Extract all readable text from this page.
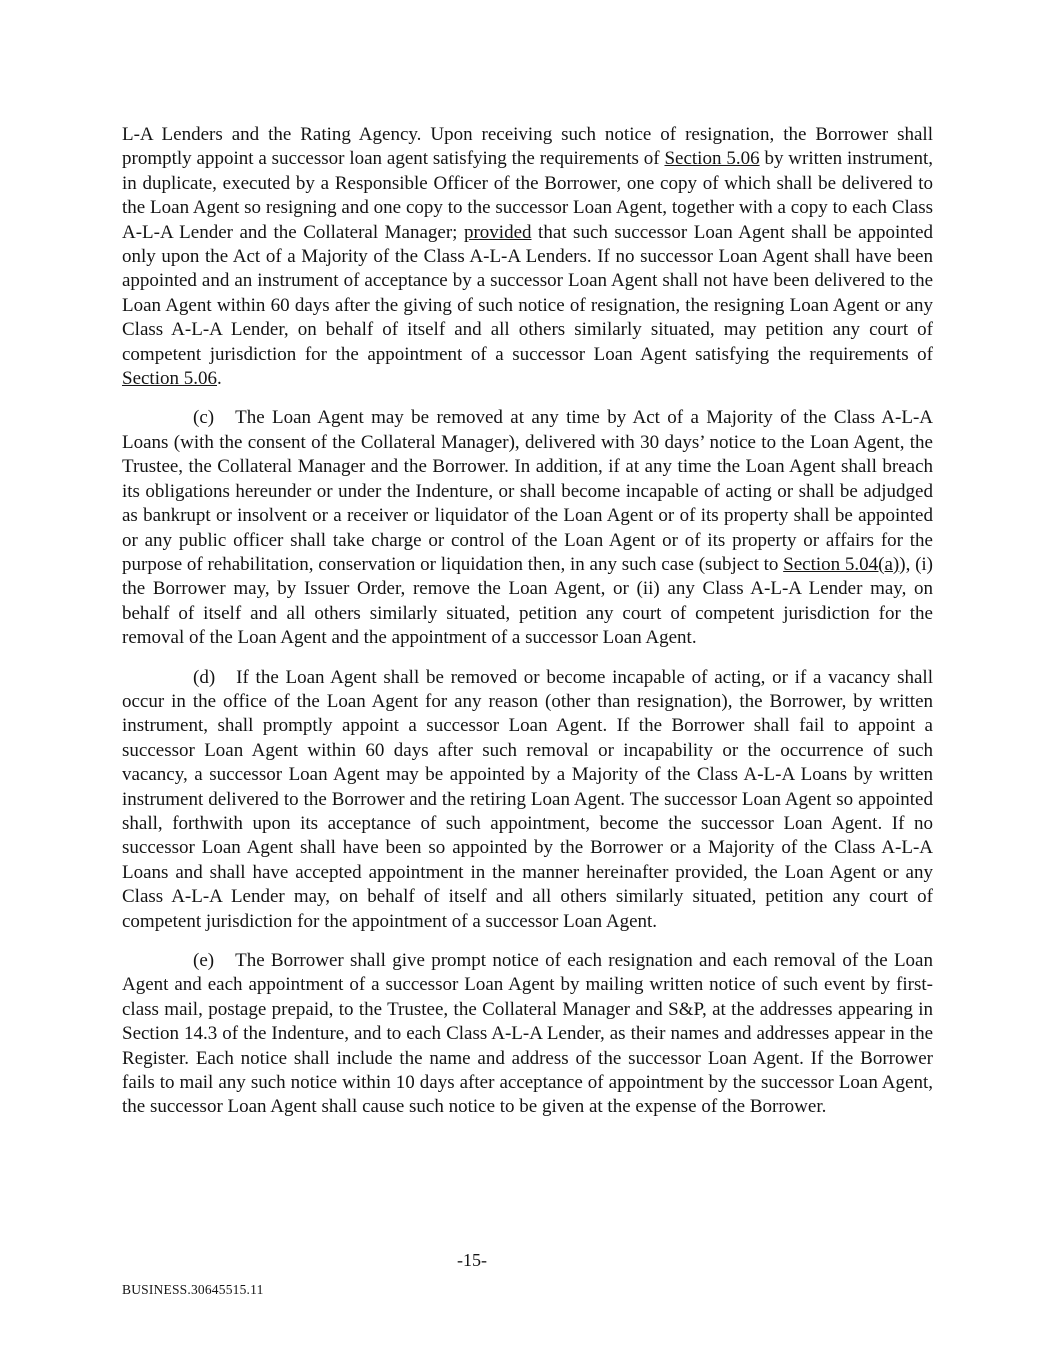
L-A Lenders and the Rating Agency. Upon receiving such notice of resignation, the Borrower shall promptly appoint a successor loan agent satisfying the requirements of Section 5.06 by written instrument, in duplicate, executed by a Responsible Officer of the Borrower, one copy of which shall be delivered to the Loan Agent so resigning and one copy to the successor Loan Agent, together with a copy to each Class A-L-A Lender and the Collateral Manager; provided that such successor Loan Agent shall be appointed only upon the Act of a Majority of the Class A-L-A Lenders. If no successor Loan Agent shall have been appointed and an instrument of acceptance by a successor Loan Agent shall not have been delivered to the Loan Agent within 60 days after the giving of such notice of resignation, the resigning Loan Agent or any Class A-L-A Lender, on behalf of itself and all others similarly situated, may petition any court of competent jurisdiction for the appointment of a successor Loan Agent satisfying the requirements of Section 5.06.

(c) The Loan Agent may be removed at any time by Act of a Majority of the Class A-L-A Loans (with the consent of the Collateral Manager), delivered with 30 days’ notice to the Loan Agent, the Trustee, the Collateral Manager and the Borrower. In addition, if at any time the Loan Agent shall breach its obligations hereunder or under the Indenture, or shall become incapable of acting or shall be adjudged as bankrupt or insolvent or a receiver or liquidator of the Loan Agent or of its property shall be appointed or any public officer shall take charge or control of the Loan Agent or of its property or affairs for the purpose of rehabilitation, conservation or liquidation then, in any such case (subject to Section 5.04(a)), (i) the Borrower may, by Issuer Order, remove the Loan Agent, or (ii) any Class A-L-A Lender may, on behalf of itself and all others similarly situated, petition any court of competent jurisdiction for the removal of the Loan Agent and the appointment of a successor Loan Agent.

(d) If the Loan Agent shall be removed or become incapable of acting, or if a vacancy shall occur in the office of the Loan Agent for any reason (other than resignation), the Borrower, by written instrument, shall promptly appoint a successor Loan Agent. If the Borrower shall fail to appoint a successor Loan Agent within 60 days after such removal or incapability or the occurrence of such vacancy, a successor Loan Agent may be appointed by a Majority of the Class A-L-A Loans by written instrument delivered to the Borrower and the retiring Loan Agent. The successor Loan Agent so appointed shall, forthwith upon its acceptance of such appointment, become the successor Loan Agent. If no successor Loan Agent shall have been so appointed by the Borrower or a Majority of the Class A-L-A Loans and shall have accepted appointment in the manner hereinafter provided, the Loan Agent or any Class A-L-A Lender may, on behalf of itself and all others similarly situated, petition any court of competent jurisdiction for the appointment of a successor Loan Agent.

(e) The Borrower shall give prompt notice of each resignation and each removal of the Loan Agent and each appointment of a successor Loan Agent by mailing written notice of such event by first-class mail, postage prepaid, to the Trustee, the Collateral Manager and S&P, at the addresses appearing in Section 14.3 of the Indenture, and to each Class A-L-A Lender, as their names and addresses appear in the Register. Each notice shall include the name and address of the successor Loan Agent. If the Borrower fails to mail any such notice within 10 days after acceptance of appointment by the successor Loan Agent, the successor Loan Agent shall cause such notice to be given at the expense of the Borrower.

-15-
BUSINESS.30645515.11
